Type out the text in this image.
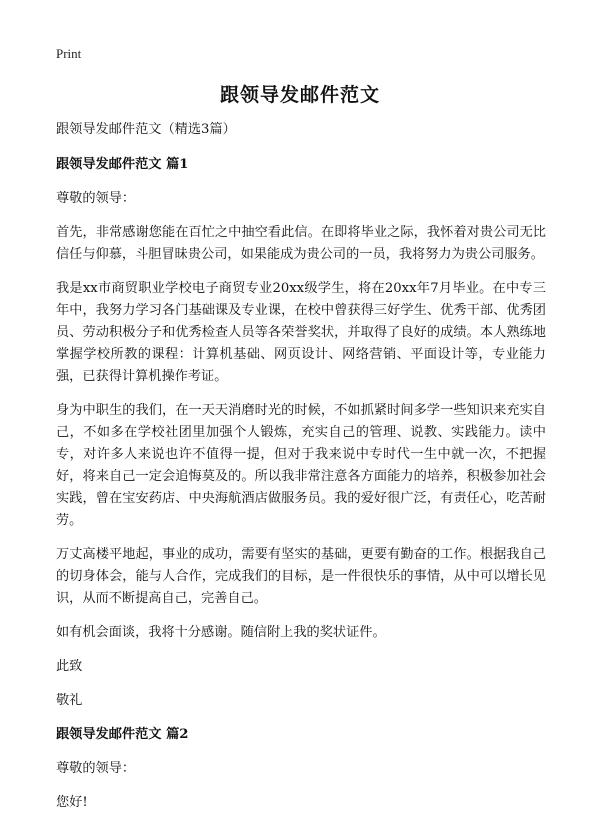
Print
跟领导发邮件范文

跟领导发邮件范文（精选3篇）

跟领导发邮件范文 篇1

尊敬的领导：

首先，非常感谢您能在百忙之中抽空看此信。在即将毕业之际，我怀着对贵公司无比信任与仰慕，斗胆冒昧贵公司，如果能成为贵公司的一员，我将努力为贵公司服务。

我是xx市商贸职业学校电子商贸专业20xx级学生，将在20xx年7月毕业。在中专三年中，我努力学习各门基础课及专业课，在校中曾获得三好学生、优秀干部、优秀团员、劳动积极分子和优秀检查人员等各荣誉奖状，并取得了良好的成绩。本人熟练地掌握学校所教的课程：计算机基础、网页设计、网络营销、平面设计等，专业能力强，已获得计算机操作考证。

身为中职生的我们，在一天天消磨时光的时候，不如抓紧时间多学一些知识来充实自己，不如多在学校社团里加强个人锻炼，充实自己的管理、说教、实践能力。读中专，对许多人来说也许不值得一提，但对于我来说中专时代一生中就一次，不把握好，将来自己一定会追悔莫及的。所以我非常注意各方面能力的培养，积极参加社会实践，曾在宝安药店、中央海航酒店做服务员。我的爱好很广泛，有责任心，吃苦耐劳。

万丈高楼平地起，事业的成功，需要有坚实的基础，更要有勤奋的工作。根据我自己的切身体会，能与人合作，完成我们的目标，是一件很快乐的事情，从中可以增长见识，从而不断提高自己，完善自己。

如有机会面谈，我将十分感谢。随信附上我的奖状证件。

此致

敬礼

跟领导发邮件范文 篇2

尊敬的领导：

您好!
